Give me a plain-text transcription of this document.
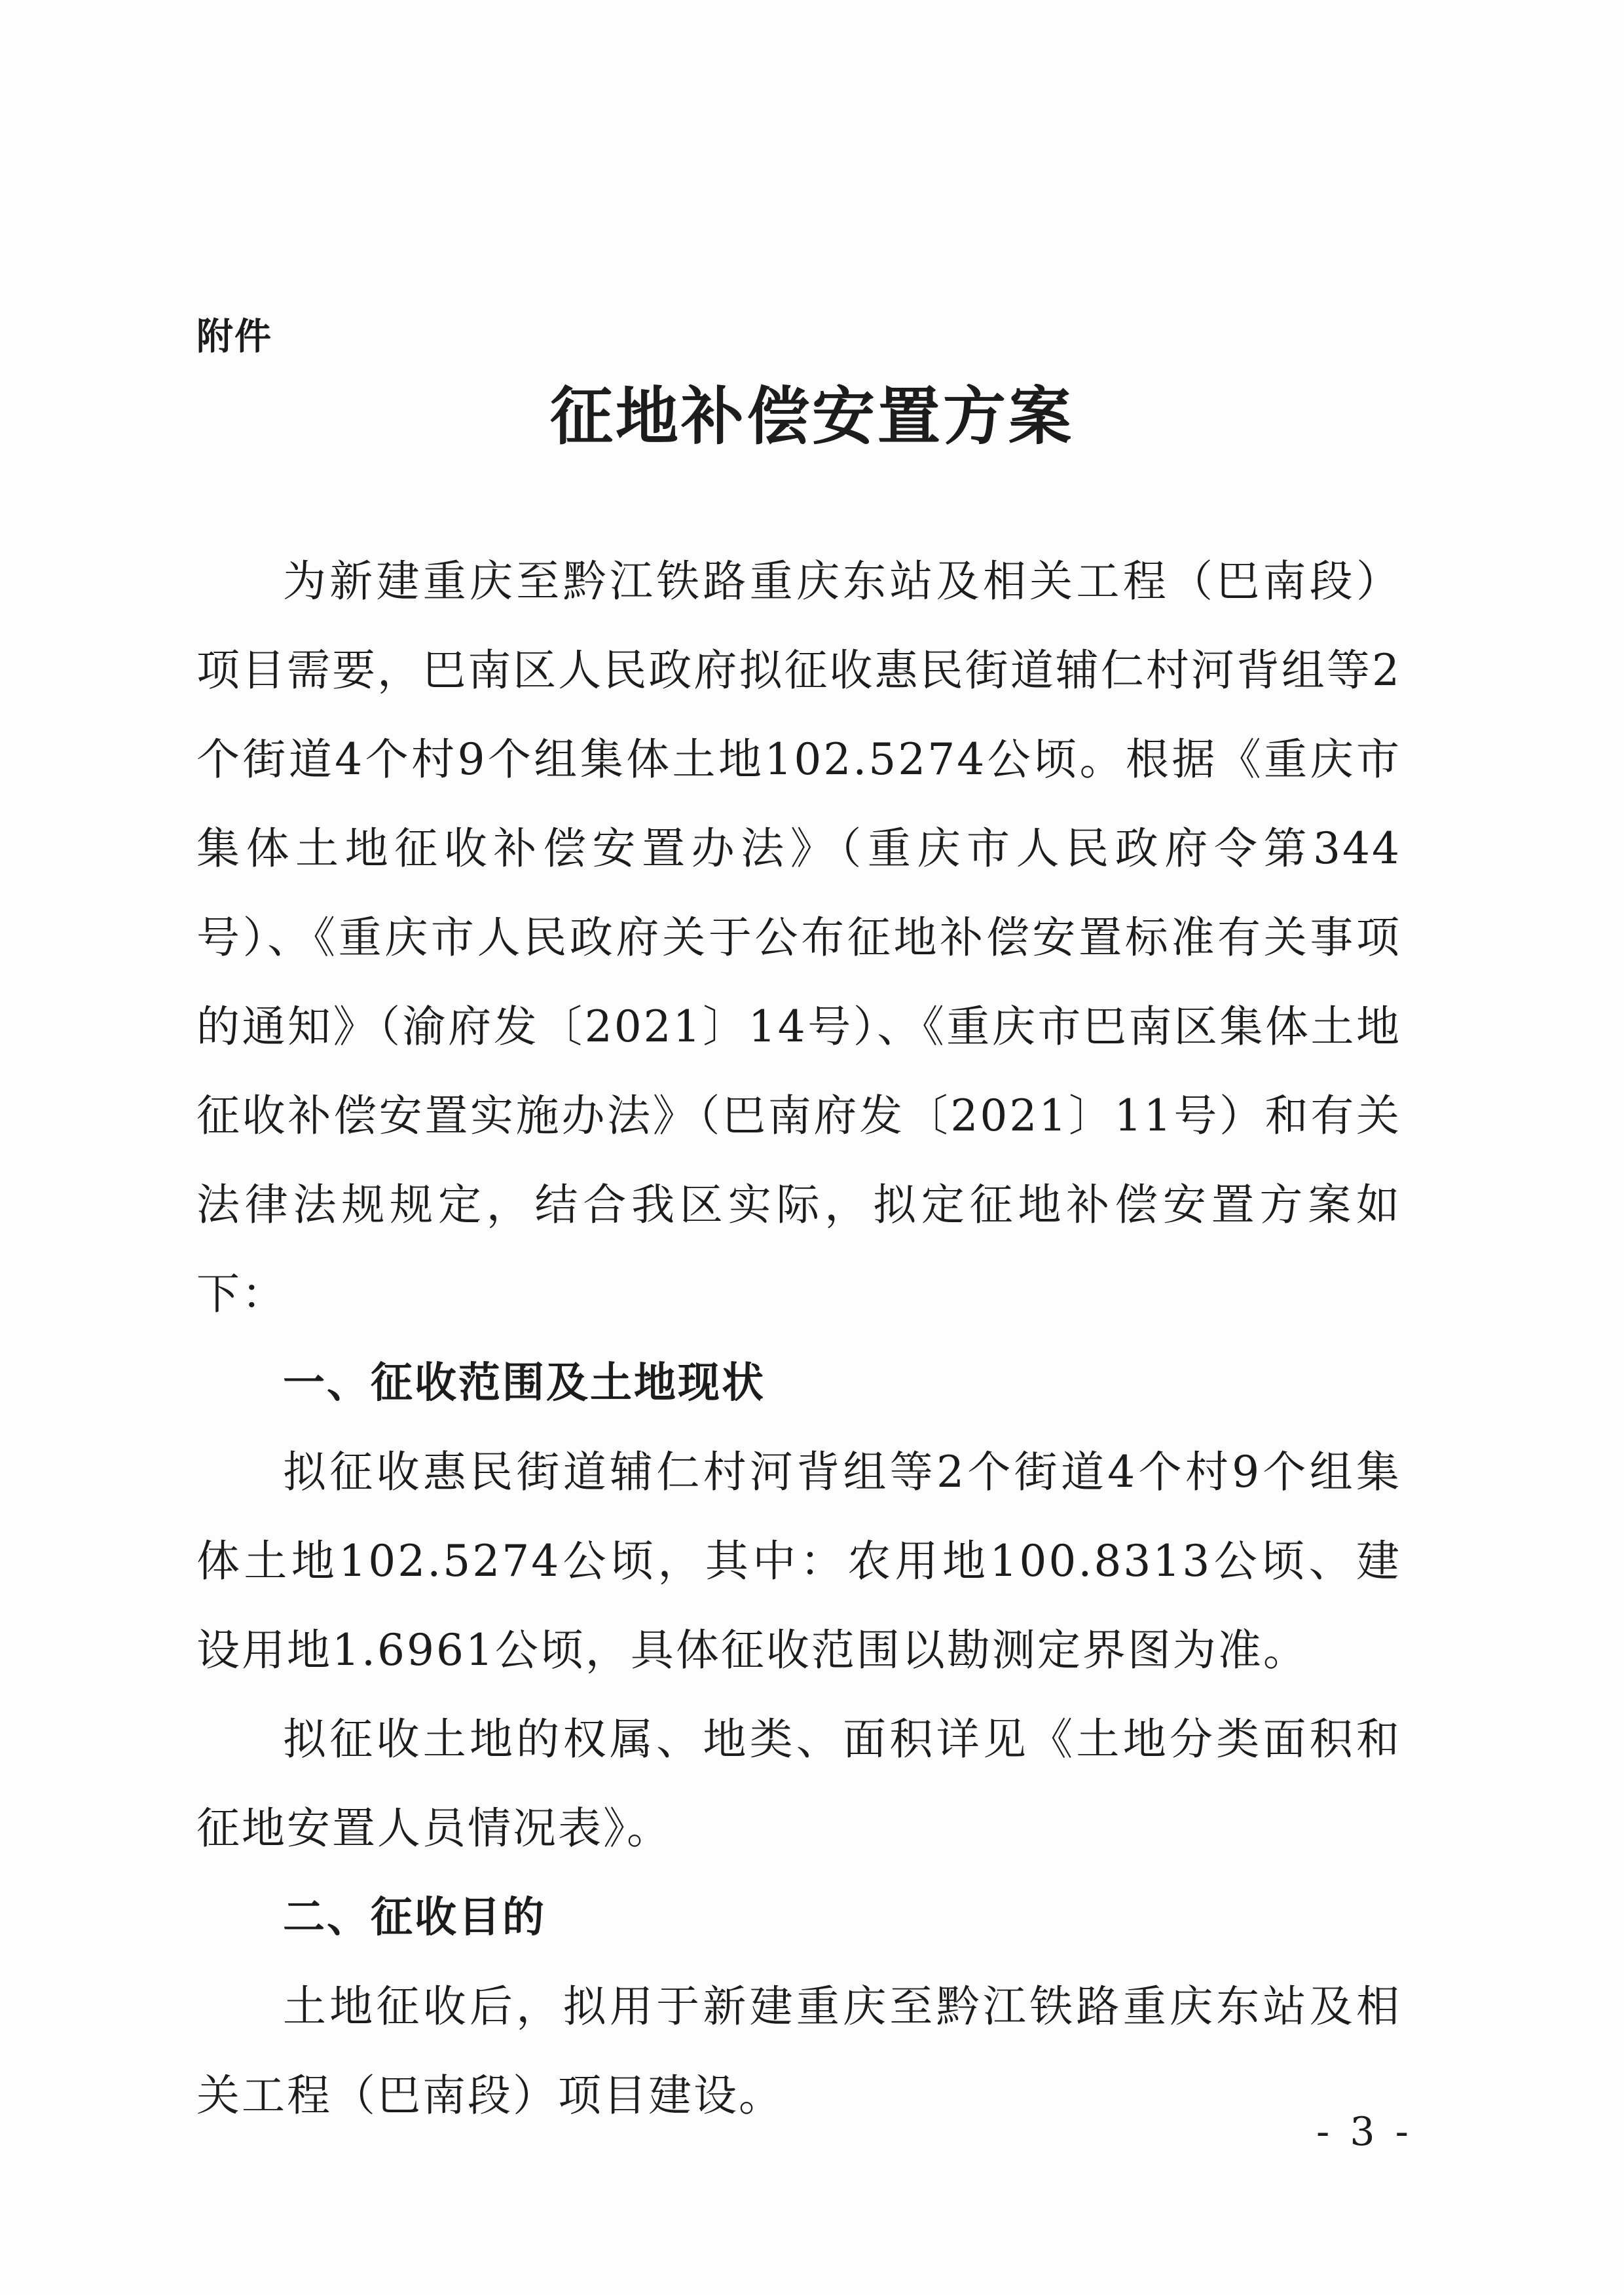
附件
征地补偿安置方案

为新建重庆至黔江铁路重庆东站及相关工程（巴南段）项目需要，巴南区人民政府拟征收惠民街道辅仁村河背组等2个街道4个村9个组集体土地102.5274公顷。根据《重庆市集体土地征收补偿安置办法》（重庆市人民政府令第344号）、《重庆市人民政府关于公布征地补偿安置标准有关事项的通知》（渝府发〔2021〕14号）、《重庆市巴南区集体土地征收补偿安置实施办法》（巴南府发〔2021〕11号）和有关法律法规规定，结合我区实际，拟定征地补偿安置方案如下：

一、征收范围及土地现状

拟征收惠民街道辅仁村河背组等2个街道4个村9个组集体土地102.5274公顷，其中：农用地100.8313公顷、建设用地1.6961公顷，具体征收范围以勘测定界图为准。

拟征收土地的权属、地类、面积详见《土地分类面积和征地安置人员情况表》。

二、征收目的

土地征收后，拟用于新建重庆至黔江铁路重庆东站及相关工程（巴南段）项目建设。

- 3 -
